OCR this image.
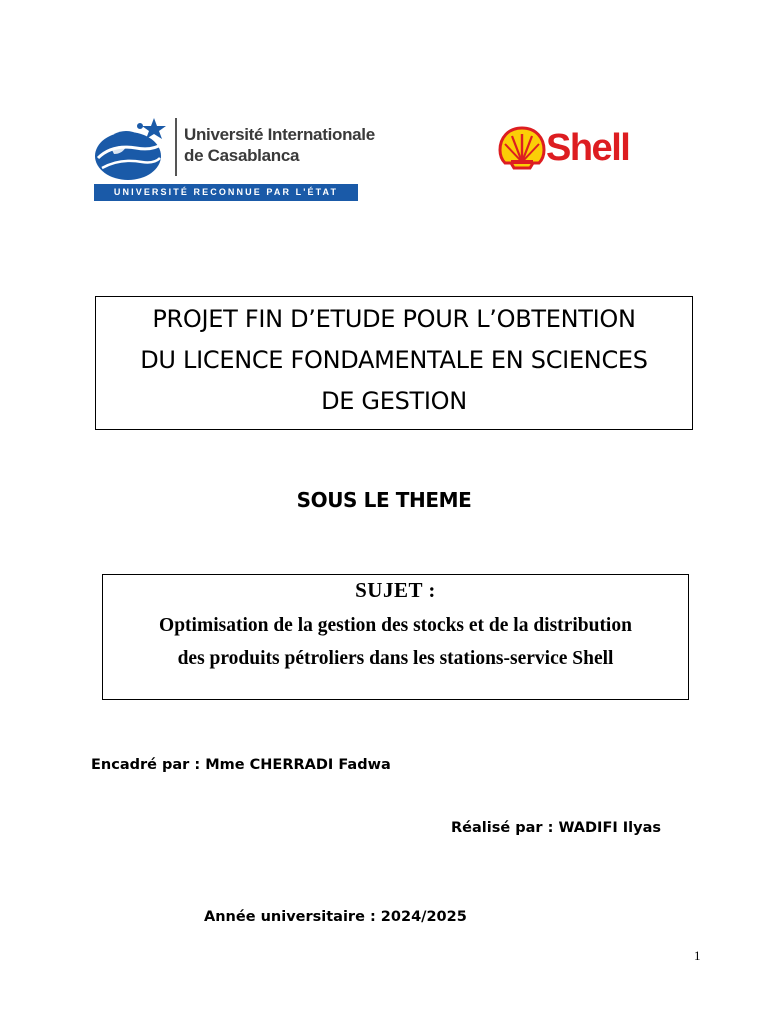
Université Internationale
de Casablanca
UNIVERSITÉ RECONNUE PAR L'ÉTAT
Shell
PROJET FIN D’ETUDE POUR L’OBTENTION
DU LICENCE FONDAMENTALE EN SCIENCES
DE GESTION
SOUS LE THEME
SUJET :
Optimisation de la gestion des stocks et de la distribution
des produits pétroliers dans les stations-service Shell
Encadré par : Mme CHERRADI Fadwa
Réalisé par : WADIFI Ilyas
Année universitaire : 2024/2025
1
